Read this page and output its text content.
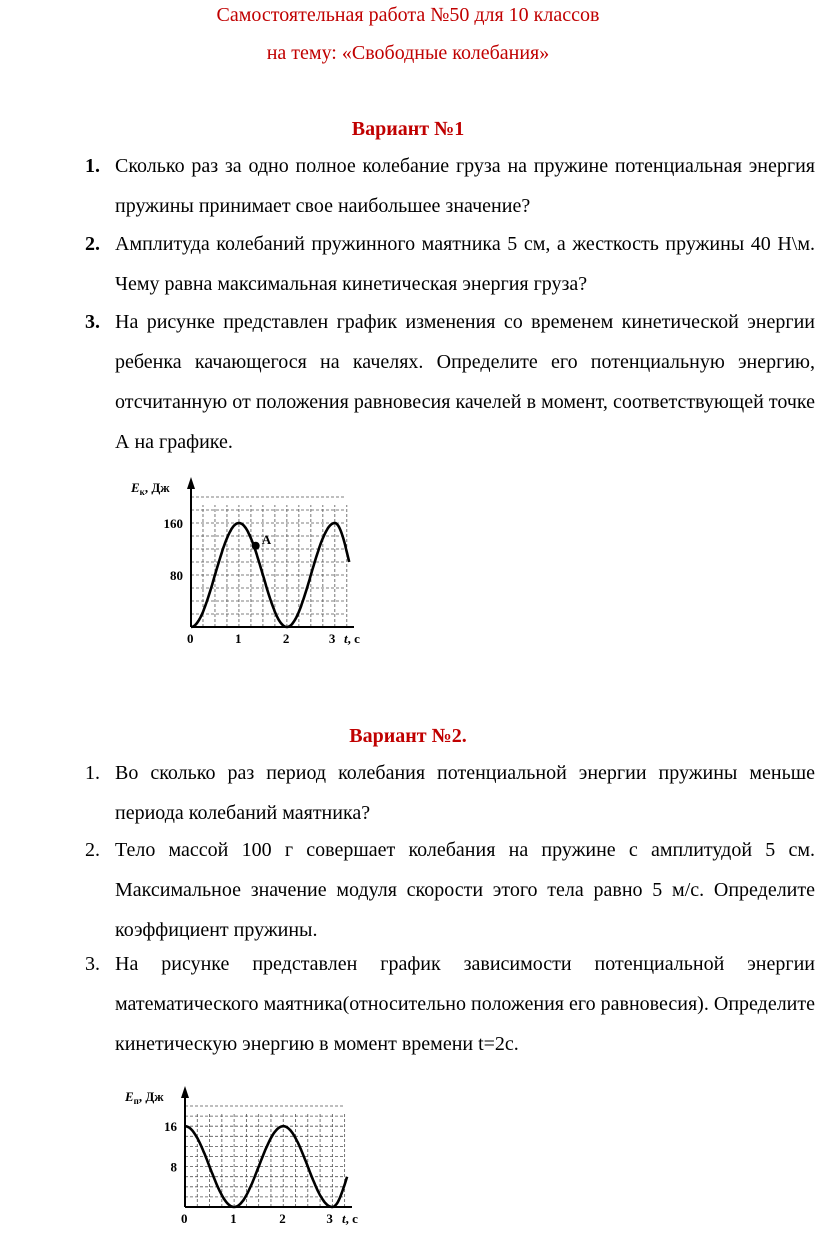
Самостоятельная работа №50 для 10 классов
на тему: «Свободные колебания»
Вариант №1
1. Сколько раз за одно полное колебание груза на пружине потенциальная энергия пружины принимает свое наибольшее значение?
2. Амплитуда колебаний пружинного маятника 5 см, а жесткость пружины 40 Н\м. Чему равна максимальная кинетическая энергия груза?
3. На рисунке представлен график изменения со временем кинетической энергии ребенка качающегося на качелях. Определите его потенциальную энергию, отсчитанную от положения равновесия качелей в момент, соответствующей точке А на графике.
$E_к$, Дж
t, с
0	1	2	3
80
160
A
Вариант №2.
1. Во сколько раз период колебания потенциальной энергии пружины меньше периода колебаний маятника?
2. Тело массой 100 г совершает колебания на пружине с амплитудой 5 см. Максимальное значение модуля скорости этого тела равно 5 м/с. Определите коэффициент пружины.
3. На рисунке представлен график зависимости потенциальной энергии математического маятника(относительно положения его равновесия). Определите кинетическую энергию в момент времени t=2с.
$E_п$, Дж
t, с
0	1	2	3
8
16
